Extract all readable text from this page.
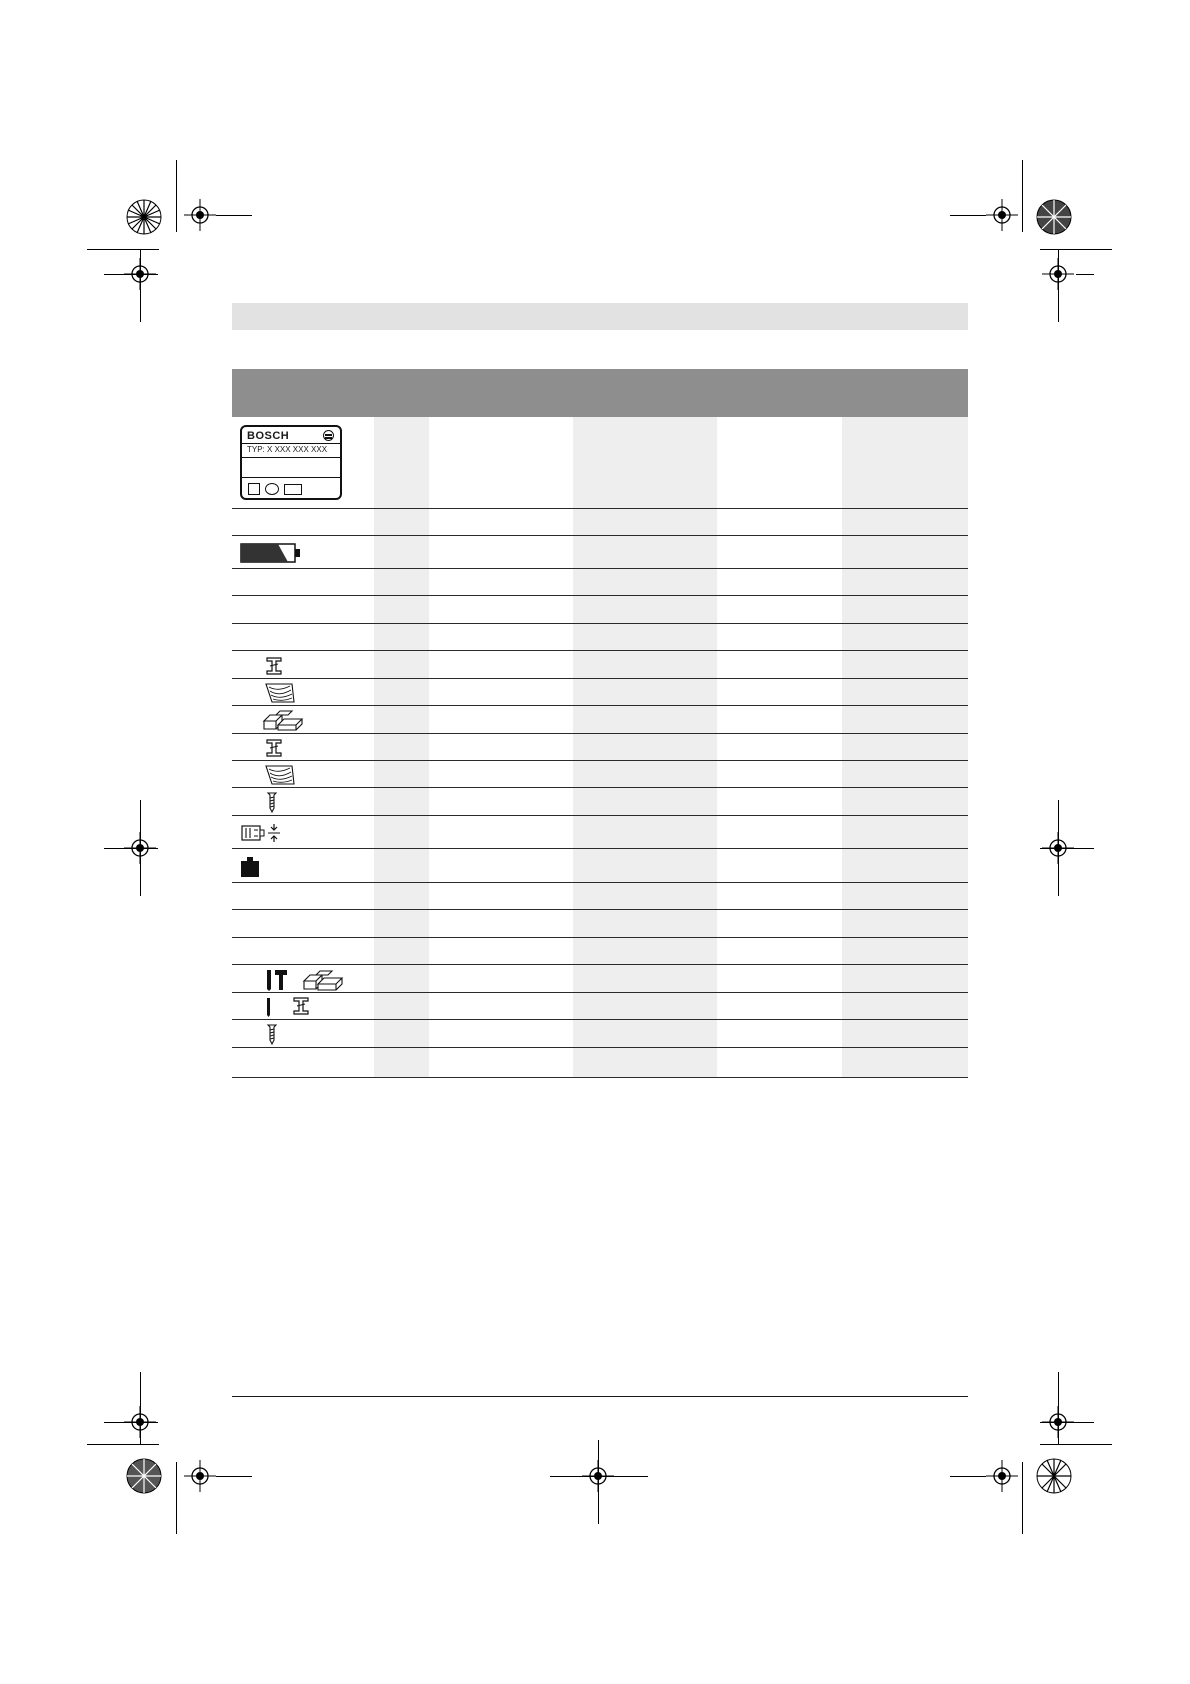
BOSCH
TYP: X XXX XXX XXX
